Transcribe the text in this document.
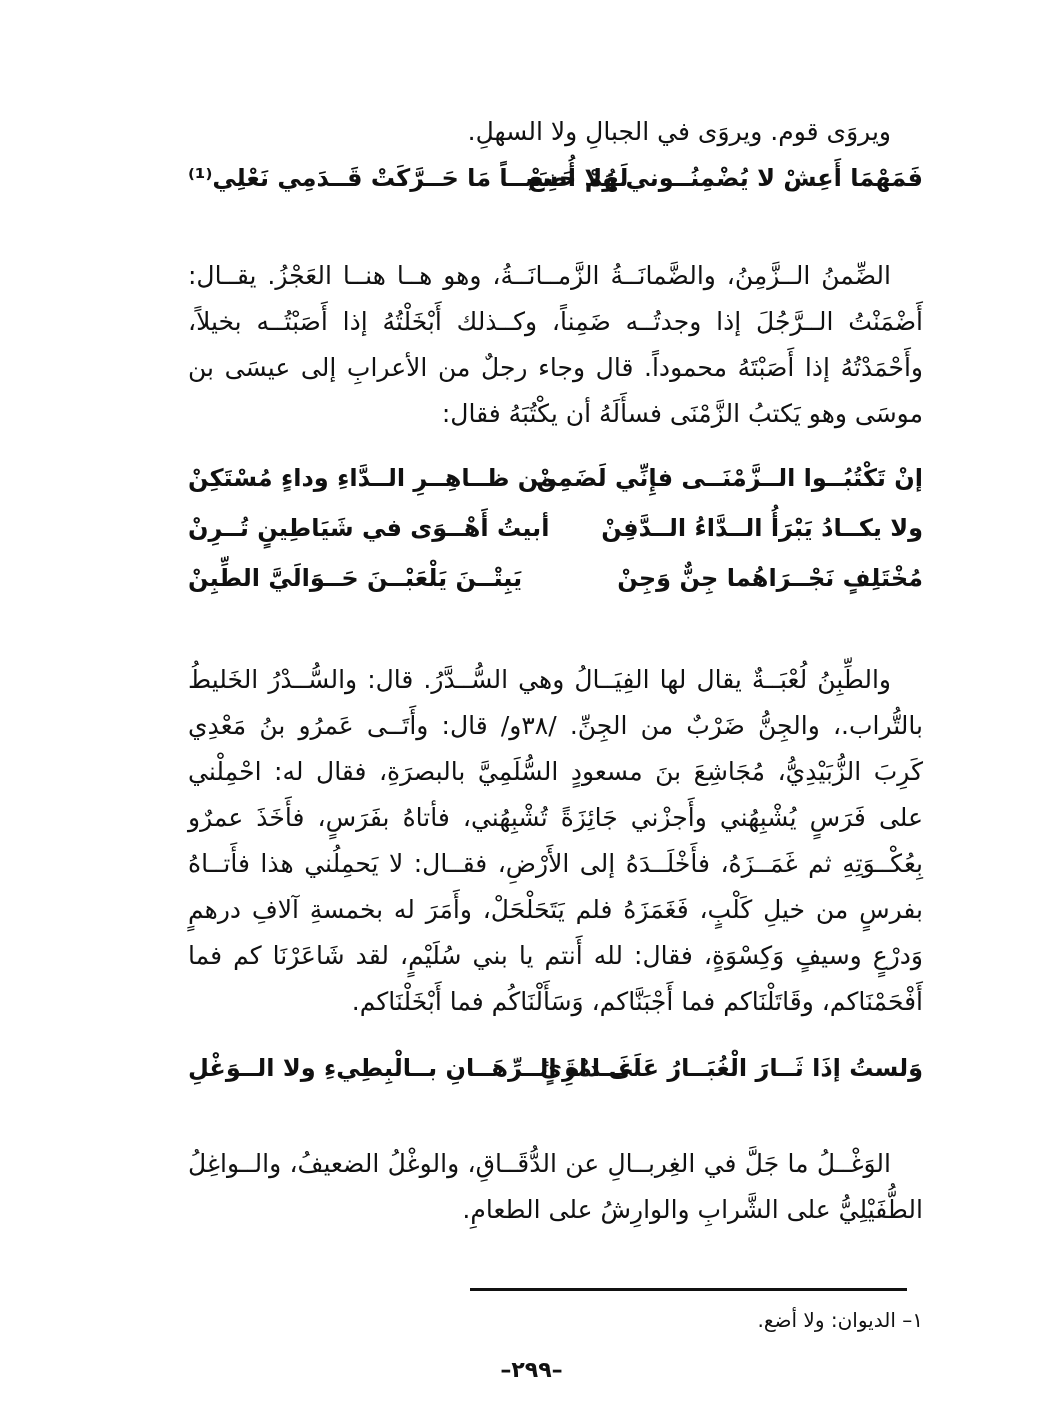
ويروَى قوم. ويروَى في الجبالِ ولا السهلِ.
فَمَهْمَا أَعِشْ لا يُضْمِنُــوني وَلا أُضِعْ
لَهُمْ حَسَبــاً مَا حَــرَّكَتْ قَــدَمِي نَعْلِي⁽¹⁾
الضِّمنُ الــزَّمِنُ، والضَّمانَــةُ الزَّمــانَــةُ، وهو هــا هنــا العَجْزُ. يقــال:
أَضْمَنْتُ الــرَّجُلَ إذا وجدتُــه ضَمِناً، وكــذلك أَبْخَلْتُهُ إذا أَصَبْتُــه بخيلاً،
وأَحْمَدْتُهُ إذا أَصَبْتَهُ محموداً. قال وجاء رجلٌ من الأعرابِ إلى عيسَى بن
موسَى وهو يَكتبُ الزَّمْنَى فسأَلَهُ أن يكْتُبَهُ فقال:
إنْ تَكْتُبُــوا الــزَّمْنَــى فإِنِّي لَضَمِنْ
من ظــاهِــرِ الــدَّاءِ وداءٍ مُسْتَكِنْ
ولا يكــادُ يَبْرَأُ الــدَّاءُ الــدَّفِنْ
أبيتُ أَهْــوَى في شَيَاطِينٍ تُــرِنْ
مُخْتَلِفٍ نَجْــرَاهُما جِنٌّ وَجِنْ
يَبِتْــنَ يَلْعَبْــنَ حَــوَالَيَّ الطِّبِنْ
والطِّبِنُ لُعْبَــةٌ يقال لها الفِيَــالُ وهي السُّــدَّرُ. قال: والسُّــدْرُ الخَليطُ
بالتُّراب.، والجِنُّ ضَرْبٌ من الجِنِّ. /٣٨و/ قال: وأَتَــى عَمرُو بنُ مَعْدِي
كَرِبَ الزُّبَيْدِيُّ، مُجَاشِعَ بنَ مسعودٍ السُّلَمِيَّ بالبصرَةِ، فقال له: احْمِلْني
على فَرَسٍ يُشْبِهُني وأَجزْني جَائِزَةً تُشْبِهُني، فأتاهُ بفَرَسٍ، فأَخَذَ عمرٌو
بِعُكْــوَتِهِ ثم غَمَــزَهُ، فأَخْلَــدَهُ إلى الأَرْضِ، فقــال: لا يَحمِلُني هذا فأَتــاهُ
بفرسٍ من خيلِ كَلْبٍ، فَغَمَزَهُ فلم يَتَحَلْحَلْ، وأَمَرَ له بخمسةِ آلافِ درهمٍ
وَدرْعٍ وسيفٍ وَكِسْوَةٍ، فقال: لله أَنتم يا بني سُلَيْمٍ، لقد شَاعَرْنَا كم فما
أَفْحَمْنَاكم، وقَاتَلْنَاكم فما أَجْبَنَّاكم، وَسَأَلْنَاكُم فما أَبْخَلْنَاكم.
وَلستُ إذَا ثَــارَ الْغُبَــارُ عَلَى امْرِئٍ
غَــداةَ الــرِّهَــانِ بــالْبِطِيءِ ولا الــوَغْلِ
الوَغْــلُ ما جَلَّ في الغِربــالِ عن الدُّقَــاقِ، والوغْلُ الضعيفُ، والــواغِلُ
الطُّفَيْلِيُّ على الشَّرابِ والوارِشُ على الطعامِ.
١– الديوان: ولا أضع.
–٢٩٩–
